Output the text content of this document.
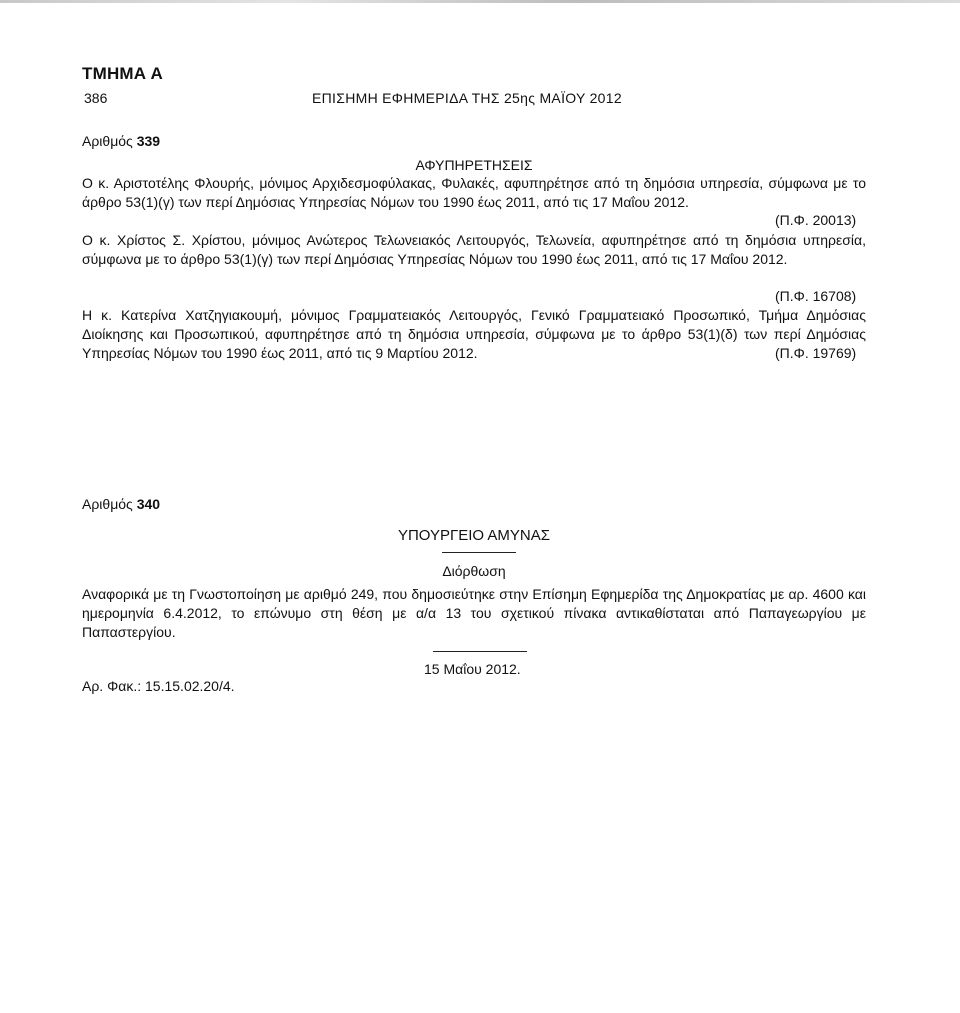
ΤΜΗΜΑ Α
386	ΕΠΙΣΗΜΗ ΕΦΗΜΕΡΙΔΑ ΤΗΣ 25ης ΜΑΪΟΥ 2012
Αριθμός 339
ΑΦΥΠΗΡΕΤΗΣΕΙΣ
Ο κ. Αριστοτέλης Φλουρής, μόνιμος Αρχιδεσμοφύλακας, Φυλακές, αφυπηρέτησε από τη δημόσια υπηρεσία, σύμφωνα με το άρθρο 53(1)(γ) των περί Δημόσιας Υπηρεσίας Νόμων του 1990 έως 2011, από τις 17 Μαΐου 2012.
(Π.Φ. 20013)
Ο κ. Χρίστος Σ. Χρίστου, μόνιμος Ανώτερος Τελωνειακός Λειτουργός, Τελωνεία, αφυπηρέτησε από τη δημόσια υπηρεσία, σύμφωνα με το άρθρο 53(1)(γ) των περί Δημόσιας Υπηρεσίας Νόμων του 1990 έως 2011, από τις 17 Μαΐου 2012.
(Π.Φ. 16708)
Η κ. Κατερίνα Χατζηγιακουμή, μόνιμος Γραμματειακός Λειτουργός, Γενικό Γραμματειακό Προσωπικό, Τμήμα Δημόσιας Διοίκησης και Προσωπικού, αφυπηρέτησε από τη δημόσια υπηρεσία, σύμφωνα με το άρθρο 53(1)(δ) των περί Δημόσιας Υπηρεσίας Νόμων του 1990 έως 2011, από τις 9 Μαρτίου 2012.	(Π.Φ. 19769)
Αριθμός 340
ΥΠΟΥΡΓΕΙΟ ΑΜΥΝΑΣ
Διόρθωση
Αναφορικά με τη Γνωστοποίηση με αριθμό 249, που δημοσιεύτηκε στην Επίσημη Εφημερίδα της Δημοκρατίας με αρ. 4600 και ημερομηνία 6.4.2012, το επώνυμο στη θέση με α/α 13 του σχετικού πίνακα αντικαθίσταται από Παπαγεωργίου με Παπαστεργίου.
15 Μαΐου 2012.
Αρ. Φακ.: 15.15.02.20/4.
